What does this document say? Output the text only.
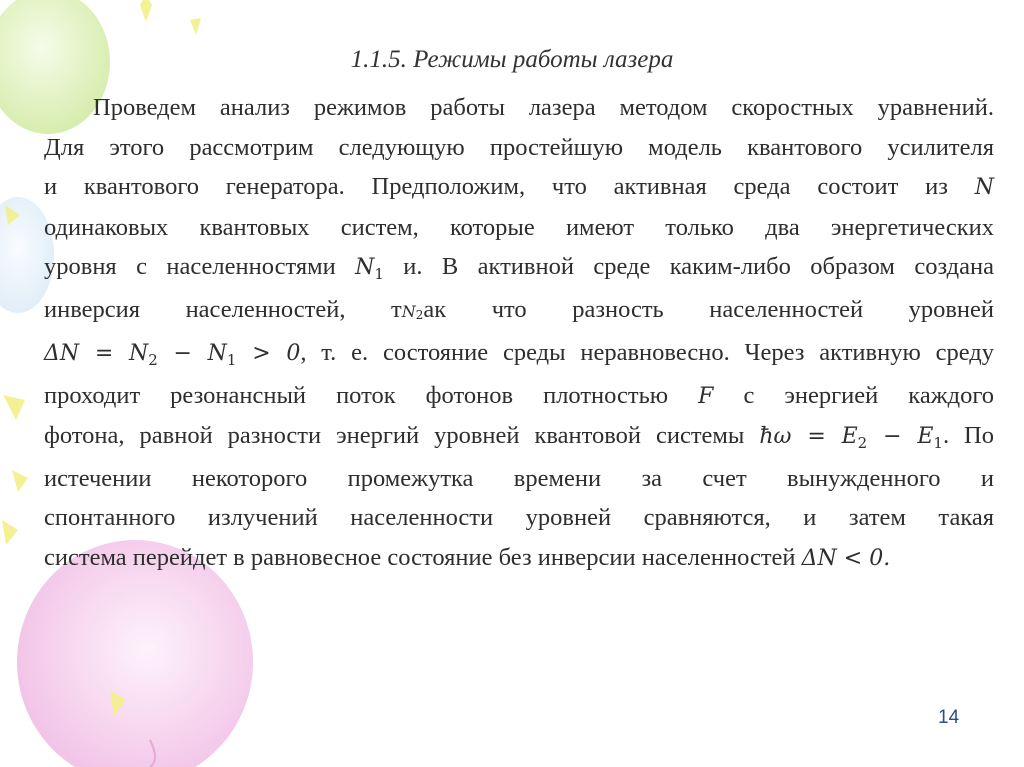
1.1.5. Режимы работы лазера
Проведем анализ режимов работы лазера методом скоростных уравнений.
Для этого рассмотрим следующую простейшую модель квантового усилителя
и квантового генератора. Предположим, что активная среда состоит из N
одинаковых квантовых систем, которые имеют только два энергетических
уровня с населенностями $N_1$ и. В активной среде каким-либо образом создана
инверсия населенностей, тN2ак что разность населенностей уровней
$\Delta N = N_2 - N_1 > 0$, т. е. состояние среды неравновесно. Через активную среду
проходит резонансный поток фотонов плотностью F с энергией каждого
фотона, равной разности энергий уровней квантовой системы ħω = $E_2 - E_1$. По
истечении некоторого промежутка времени за счет вынужденного и
спонтанного излучений населенности уровней сравняются, и затем такая
система перейдет в равновесное состояние без инверсии населенностей ΔN < 0.
14
